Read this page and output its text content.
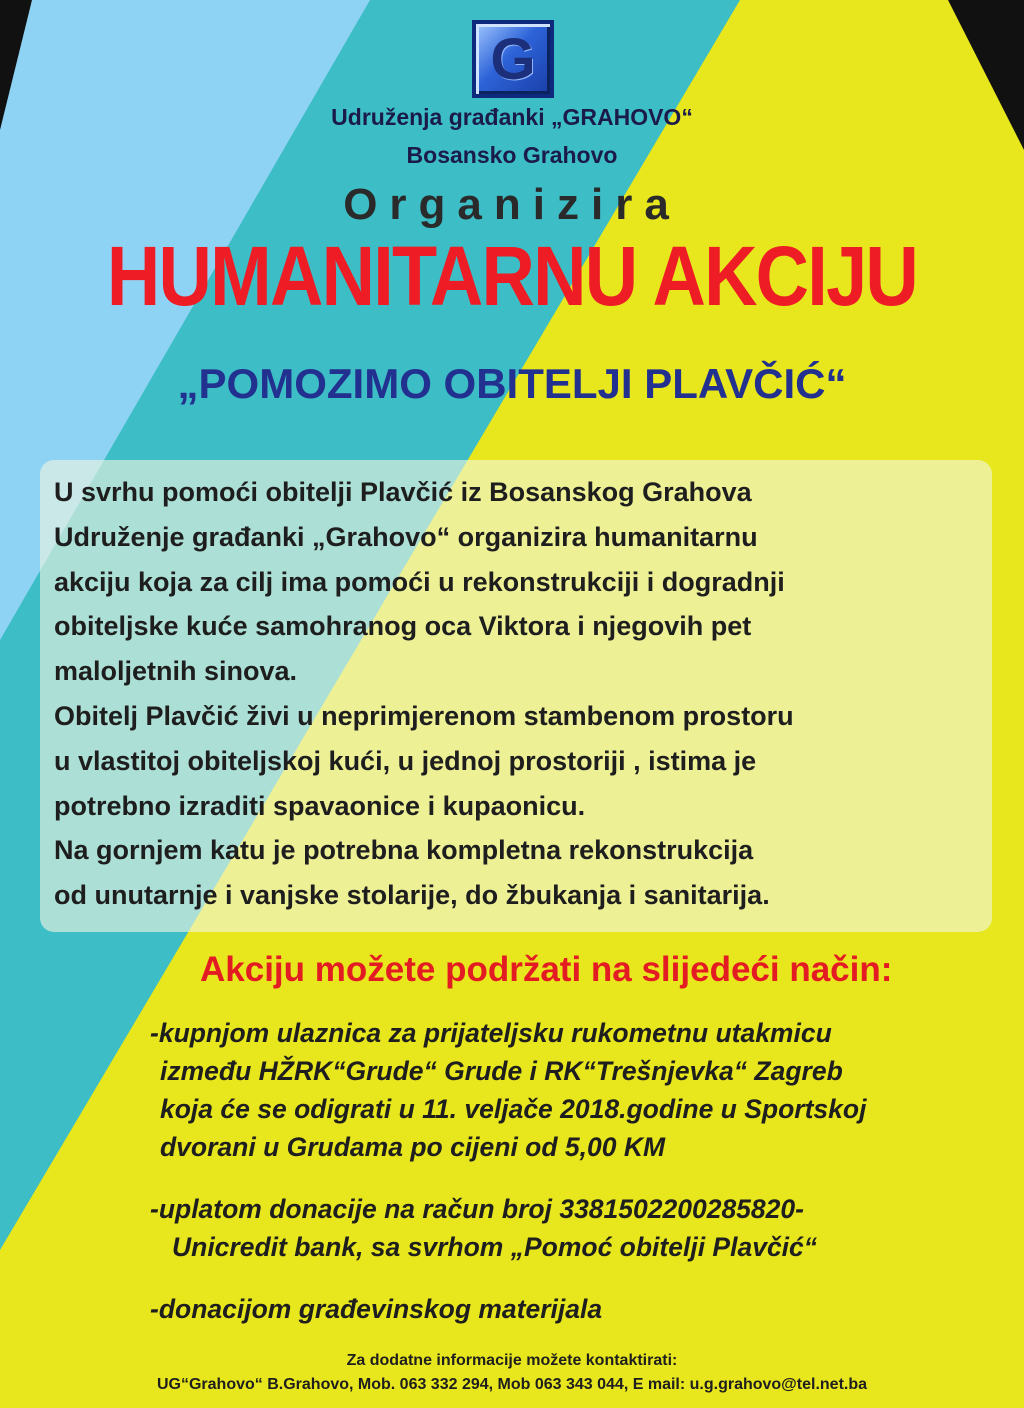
G

Udruženja građanki „GRAHOVO“

Bosansko Grahovo

Organizira

HUMANITARNU AKCIJU
„POMOZIMO OBITELJI PLAVČIĆ“

U svrhu pomoći obitelji Plavčić iz Bosanskog Grahova

Udruženje građanki „Grahovo“ organizira humanitarnu

akciju koja za cilj ima pomoći u rekonstrukciji i dogradnji

obiteljske kuće samohranog oca Viktora i njegovih pet

maloljetnih sinova.

Obitelj Plavčić živi u neprimjerenom stambenom prostoru

u vlastitoj obiteljskoj kući, u jednoj prostoriji , istima je

potrebno izraditi spavaonice i kupaonicu.

Na gornjem katu je potrebna kompletna rekonstrukcija

od unutarnje i vanjske stolarije, do žbukanja i sanitarija.

Akciju možete podržati na slijedeći način:

-kupnjom ulaznica za prijateljsku rukometnu utakmicu

između HŽRK“Grude“ Grude i RK“Trešnjevka“ Zagreb

koja će se odigrati u 11. veljače 2018.godine u Sportskoj

dvorani u Grudama po cijeni od 5,00 KM

-uplatom donacije na račun broj 3381502200285820-

Unicredit bank, sa svrhom „Pomoć obitelji Plavčić“

-donacijom građevinskog materijala

Za dodatne informacije možete kontaktirati:

UG“Grahovo“ B.Grahovo, Mob. 063 332 294, Mob 063 343 044, E mail: u.g.grahovo@tel.net.ba
